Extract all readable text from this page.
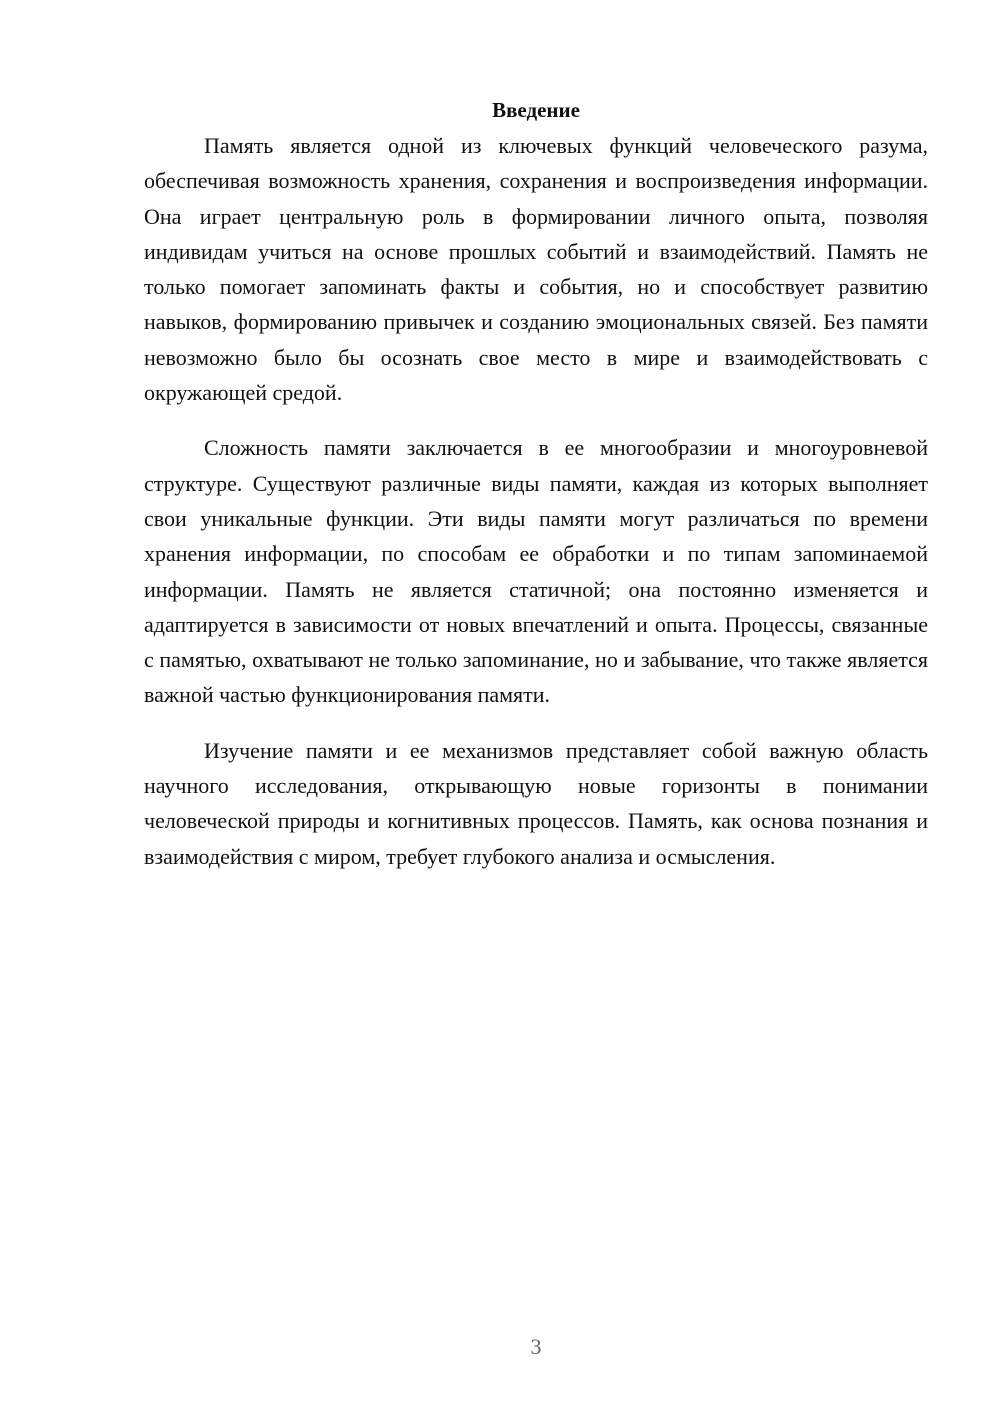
Введение

Память является одной из ключевых функций человеческого разума, обеспечивая возможность хранения, сохранения и воспроизведения информации. Она играет центральную роль в формировании личного опыта, позволяя индивидам учиться на основе прошлых событий и взаимодействий. Память не только помогает запоминать факты и события, но и способствует развитию навыков, формированию привычек и созданию эмоциональных связей. Без памяти невозможно было бы осознать свое место в мире и взаимодействовать с окружающей средой.

Сложность памяти заключается в ее многообразии и многоуровневой структуре. Существуют различные виды памяти, каждая из которых выполняет свои уникальные функции. Эти виды памяти могут различаться по времени хранения информации, по способам ее обработки и по типам запоминаемой информации. Память не является статичной; она постоянно изменяется и адаптируется в зависимости от новых впечатлений и опыта. Процессы, связанные с памятью, охватывают не только запоминание, но и забывание, что также является важной частью функционирования памяти.

Изучение памяти и ее механизмов представляет собой важную область научного исследования, открывающую новые горизонты в понимании человеческой природы и когнитивных процессов. Память, как основа познания и взаимодействия с миром, требует глубокого анализа и осмысления.

3
